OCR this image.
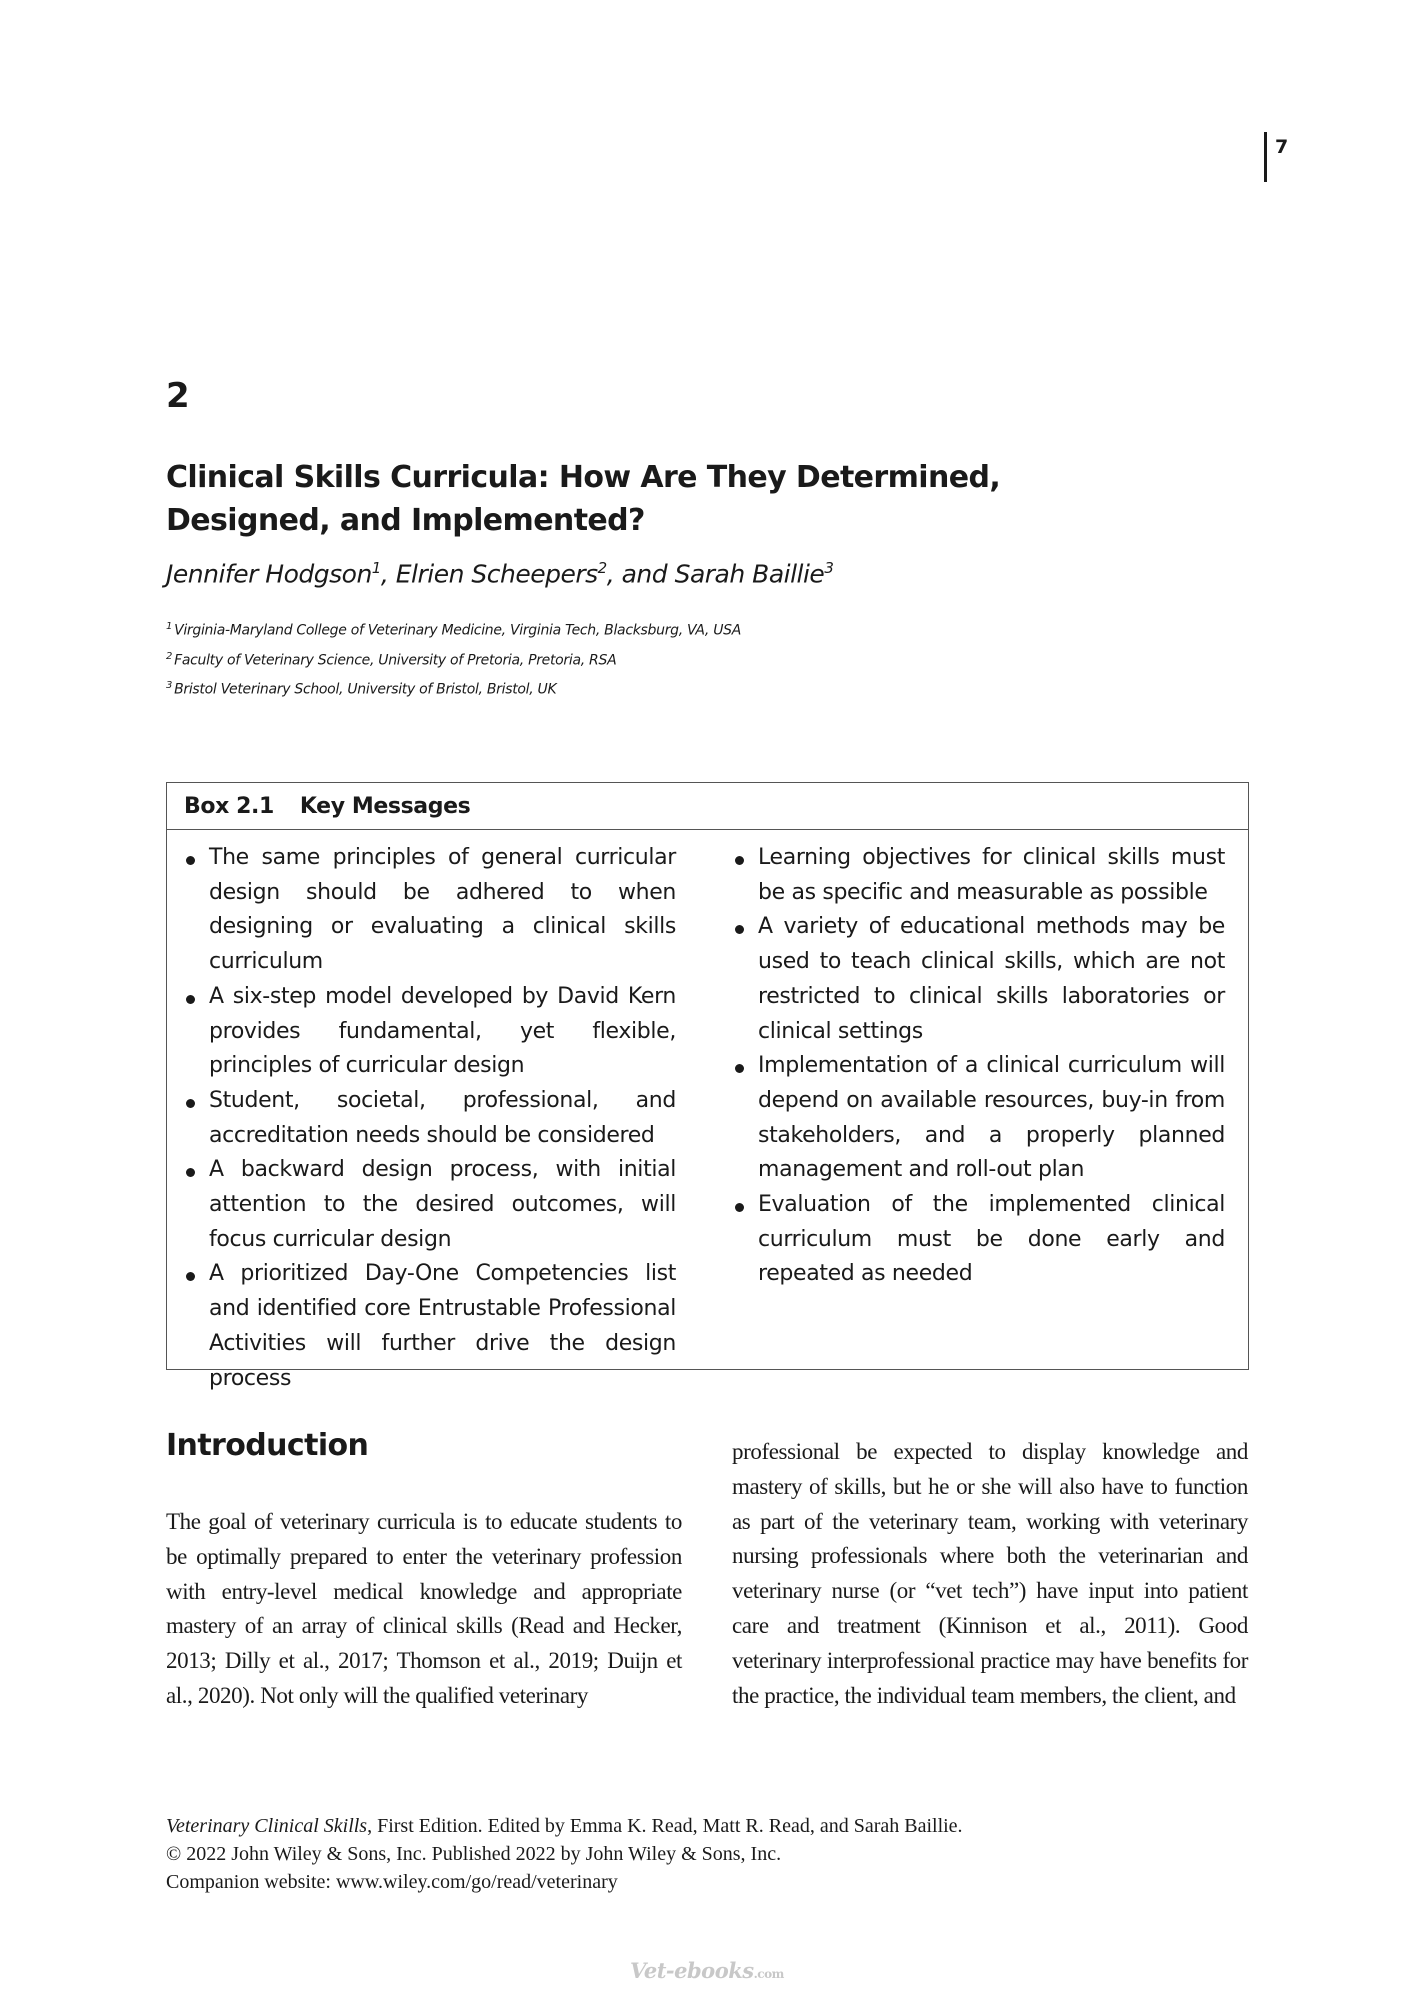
7
2
Clinical Skills Curricula: How Are They Determined,
Designed, and Implemented?
Jennifer Hodgson$^1$, Elrien Scheepers$^2$, and Sarah Baillie$^3$
$^1$ Virginia-Maryland College of Veterinary Medicine, Virginia Tech, Blacksburg, VA, USA
$^2$ Faculty of Veterinary Science, University of Pretoria, Pretoria, RSA
$^3$ Bristol Veterinary School, University of Bristol, Bristol, UK
Box 2.1 Key Messages
The same principles of general curricular design should be adhered to when designing or evaluating a clinical skills curriculum
A six-step model developed by David Kern provides fundamental, yet flexible, principles of curricular design
Student, societal, professional, and accreditation needs should be considered
A backward design process, with initial attention to the desired outcomes, will focus curricular design
A prioritized Day-One Competencies list and identified core Entrustable Professional Activities will further drive the design process
Learning objectives for clinical skills must be as specific and measurable as possible
A variety of educational methods may be used to teach clinical skills, which are not restricted to clinical skills laboratories or clinical settings
Implementation of a clinical curriculum will depend on available resources, buy-in from stakeholders, and a properly planned management and roll-out plan
Evaluation of the implemented clinical curriculum must be done early and repeated as needed
Introduction
The goal of veterinary curricula is to educate students to be optimally prepared to enter the veterinary profession with entry-level medical knowledge and appropriate mastery of an array of clinical skills (Read and Hecker, 2013; Dilly et al., 2017; Thomson et al., 2019; Duijn et al., 2020). Not only will the qualified veterinary
professional be expected to display knowledge and mastery of skills, but he or she will also have to function as part of the veterinary team, working with veterinary nursing professionals where both the veterinarian and veterinary nurse (or “vet tech”) have input into patient care and treatment (Kinnison et al., 2011). Good veterinary interprofessional practice may have benefits for the practice, the individual team members, the client, and
Veterinary Clinical Skills, First Edition. Edited by Emma K. Read, Matt R. Read, and Sarah Baillie.
© 2022 John Wiley & Sons, Inc. Published 2022 by John Wiley & Sons, Inc.
Companion website: www.wiley.com/go/read/veterinary
Vet-ebooks.com
